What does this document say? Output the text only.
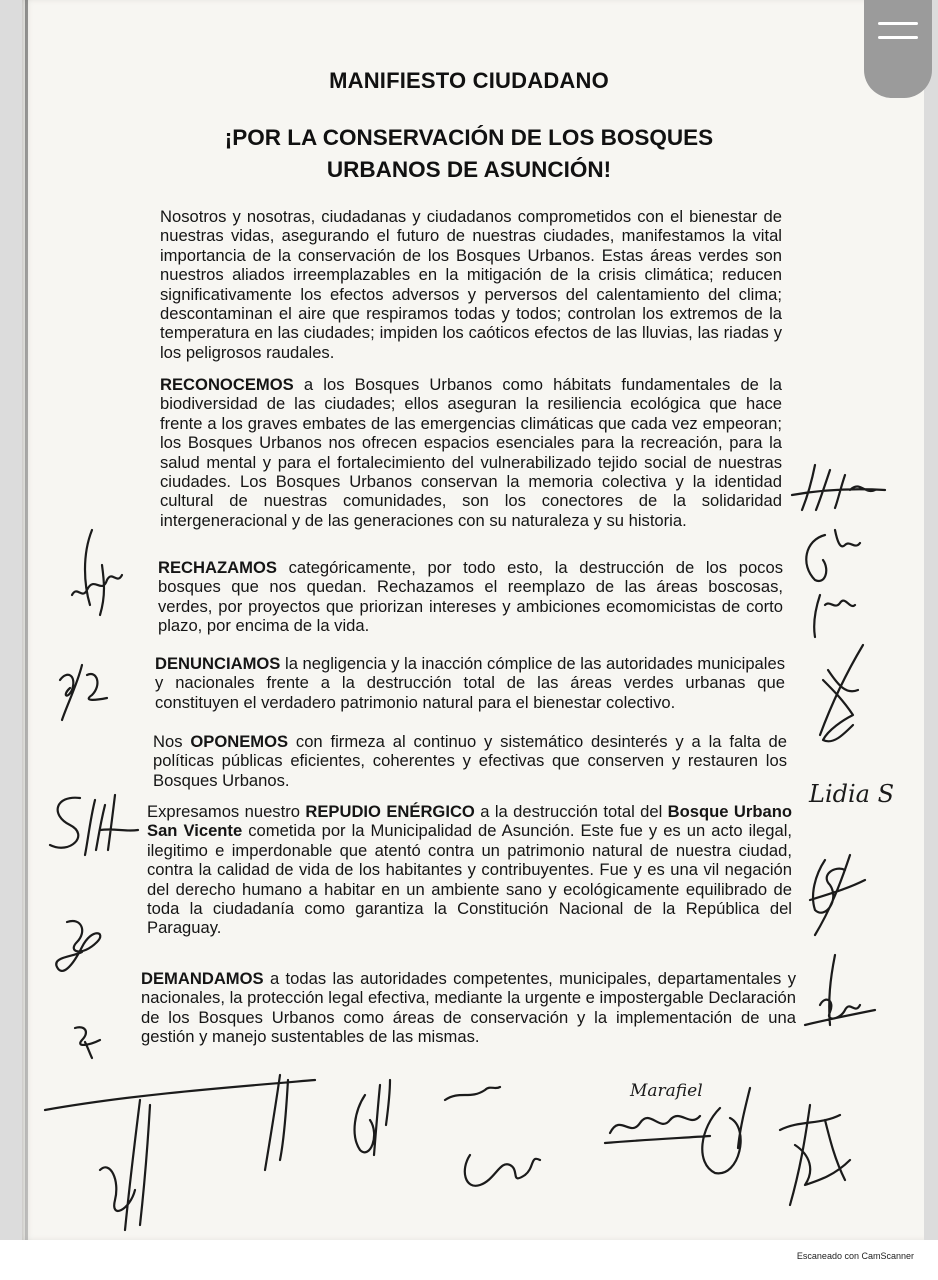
MANIFIESTO CIUDADANO
¡POR LA CONSERVACIÓN DE LOS BOSQUES
URBANOS DE ASUNCIÓN!

Nosotros y nosotras, ciudadanas y ciudadanos comprometidos con el bienestar de nuestras vidas, asegurando el futuro de nuestras ciudades, manifestamos la vital importancia de la conservación de los Bosques Urbanos. Estas áreas verdes son nuestros aliados irreemplazables en la mitigación de la crisis climática; reducen significativamente los efectos adversos y perversos del calentamiento del clima; descontaminan el aire que respiramos todas y todos; controlan los extremos de la temperatura en las ciudades; impiden los caóticos efectos de las lluvias, las riadas y los peligrosos raudales.

RECONOCEMOS a los Bosques Urbanos como hábitats fundamentales de la biodiversidad de las ciudades; ellos aseguran la resiliencia ecológica que hace frente a los graves embates de las emergencias climáticas que cada vez empeoran; los Bosques Urbanos nos ofrecen espacios esenciales para la recreación, para la salud mental y para el fortalecimiento del vulnerabilizado tejido social de nuestras ciudades. Los Bosques Urbanos conservan la memoria colectiva y la identidad cultural de nuestras comunidades, son los conectores de la solidaridad intergeneracional y de las generaciones con su naturaleza y su historia.

RECHAZAMOS categóricamente, por todo esto, la destrucción de los pocos bosques que nos quedan. Rechazamos el reemplazo de las áreas boscosas, verdes, por proyectos que priorizan intereses y ambiciones ecomomicistas de corto plazo, por encima de la vida.

DENUNCIAMOS la negligencia y la inacción cómplice de las autoridades municipales y nacionales frente a la destrucción total de las áreas verdes urbanas que constituyen el verdadero patrimonio natural para el bienestar colectivo.

Nos OPONEMOS con firmeza al continuo y sistemático desinterés y a la falta de políticas públicas eficientes, coherentes y efectivas que conserven y restauren los Bosques Urbanos.

Expresamos nuestro REPUDIO ENÉRGICO a la destrucción total del Bosque Urbano San Vicente cometida por la Municipalidad de Asunción. Este fue y es un acto ilegal, ilegitimo e imperdonable que atentó contra un patrimonio natural de nuestra ciudad, contra la calidad de vida de los habitantes y contribuyentes. Fue y es una vil negación del derecho humano a habitar en un ambiente sano y ecológicamente equilibrado de toda la ciudadanía como garantiza la Constitución Nacional de la República del Paraguay.

DEMANDAMOS a todas las autoridades competentes, municipales, departamentales y nacionales, la protección legal efectiva, mediante la urgente e impostergable Declaración de los Bosques Urbanos como áreas de conservación y la implementación de una gestión y manejo sustentables de las mismas.

Lidia S
Marafiel
Escaneado con CamScanner
